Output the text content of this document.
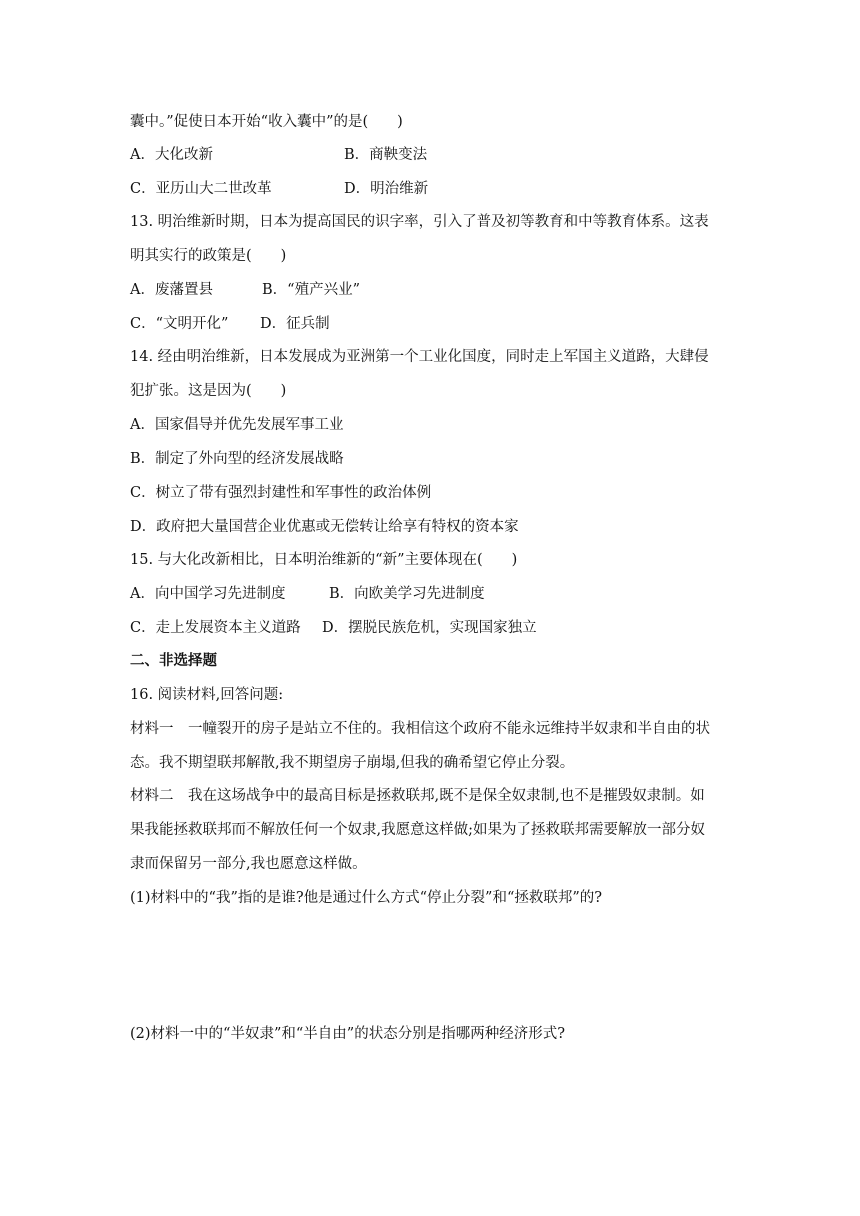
囊中。”促使日本开始“收入囊中”的是(　　)
A．大化改新	B．商鞅变法
C．亚历山大二世改革	D．明治维新
13. 明治维新时期，日本为提高国民的识字率，引入了普及初等教育和中等教育体系。这表
明其实行的政策是(　　)
A．废藩置县	B．“殖产兴业”
C．“文明开化” D．征兵制
14. 经由明治维新，日本发展成为亚洲第一个工业化国度，同时走上军国主义道路，大肆侵
犯扩张。这是因为(　　)
A．国家倡导并优先发展军事工业
B．制定了外向型的经济发展战略
C．树立了带有强烈封建性和军事性的政治体例
D．政府把大量国营企业优惠或无偿转让给享有特权的资本家
15. 与大化改新相比，日本明治维新的“新”主要体现在(　　)
A．向中国学习先进制度	B．向欧美学习先进制度
C．走上发展资本主义道路 D．摆脱民族危机，实现国家独立
二、非选择题
16. 阅读材料,回答问题:
材料一　一幢裂开的房子是站立不住的。我相信这个政府不能永远维持半奴隶和半自由的状
态。我不期望联邦解散,我不期望房子崩塌,但我的确希望它停止分裂。
材料二　我在这场战争中的最高目标是拯救联邦,既不是保全奴隶制,也不是摧毁奴隶制。如
果我能拯救联邦而不解放任何一个奴隶,我愿意这样做;如果为了拯救联邦需要解放一部分奴
隶而保留另一部分,我也愿意这样做。
(1)材料中的“我”指的是谁?他是通过什么方式“停止分裂”和“拯救联邦”的?
(2)材料一中的“半奴隶”和“半自由”的状态分别是指哪两种经济形式?
